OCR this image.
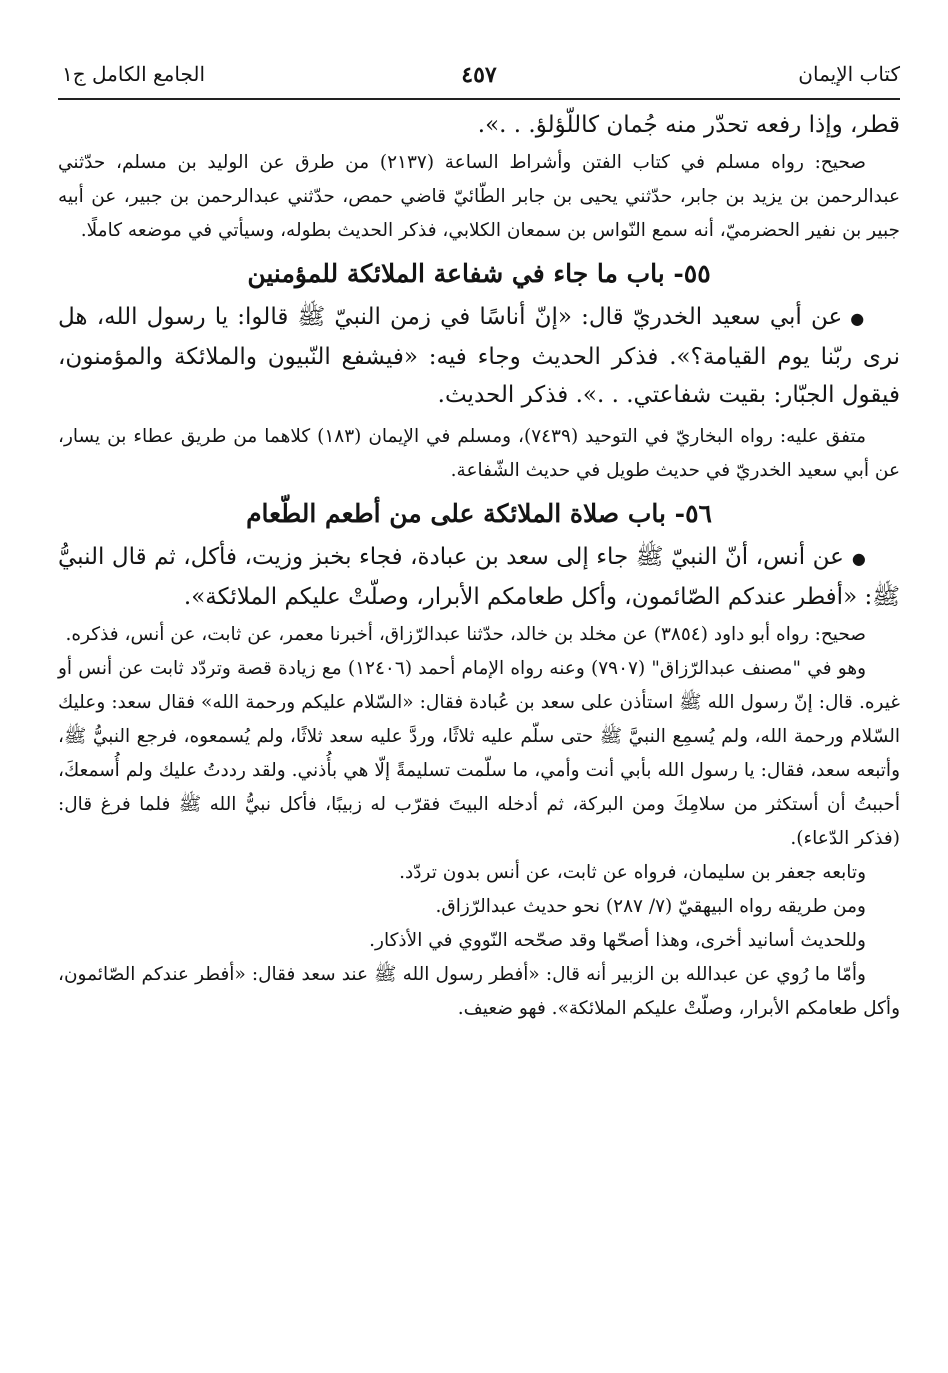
كتاب الإيمان
٤٥٧
الجامع الكامل ج١

قطر، وإذا رفعه تحدّر منه جُمان كاللّؤلؤ. . .».

صحيح: رواه مسلم في كتاب الفتن وأشراط الساعة (٢١٣٧) من طرق عن الوليد بن مسلم، حدّثني عبدالرحمن بن يزيد بن جابر، حدّثني يحيى بن جابر الطّائيّ قاضي حمص، حدّثني عبدالرحمن بن جبير، عن أبيه جبير بن نفير الحضرميّ، أنه سمع النّواس بن سمعان الكلابي، فذكر الحديث بطوله، وسيأتي في موضعه كاملًا.

٥٥- باب ما جاء في شفاعة الملائكة للمؤمنين

●عن أبي سعيد الخدريّ قال: «إنّ أناسًا في زمن النبيّ ﷺ قالوا: يا رسول الله، هل نرى ربّنا يوم القيامة؟». فذكر الحديث وجاء فيه: «فيشفع النّبيون والملائكة والمؤمنون، فيقول الجبّار: بقيت شفاعتي. . .». فذكر الحديث.

متفق عليه: رواه البخاريّ في التوحيد (٧٤٣٩)، ومسلم في الإيمان (١٨٣) كلاهما من طريق عطاء بن يسار، عن أبي سعيد الخدريّ في حديث طويل في حديث الشّفاعة.

٥٦- باب صلاة الملائكة على من أطعم الطّعام

●عن أنس، أنّ النبيّ ﷺ جاء إلى سعد بن عبادة، فجاء بخبز وزيت، فأكل، ثم قال النبيُّ ﷺ: «أفطر عندكم الصّائمون، وأكل طعامكم الأبرار، وصلّتْ عليكم الملائكة».

صحيح: رواه أبو داود (٣٨٥٤) عن مخلد بن خالد، حدّثنا عبدالرّزاق، أخبرنا معمر، عن ثابت، عن أنس، فذكره.

وهو في "مصنف عبدالرّزاق" (٧٩٠٧) وعنه رواه الإمام أحمد (١٢٤٠٦) مع زيادة قصة وتردّد ثابت عن أنس أو غيره. قال: إنّ رسول الله ﷺ استأذن على سعد بن عُبادة فقال: «السّلام عليكم ورحمة الله» فقال سعد: وعليك السّلام ورحمة الله، ولم يُسمِع النبيَّ ﷺ حتى سلّم عليه ثلاثًا، وردَّ عليه سعد ثلاثًا، ولم يُسمعوه، فرجع النبيُّ ﷺ، وأتبعه سعد، فقال: يا رسول الله بأبي أنت وأمي، ما سلّمت تسليمةً إلّا هي بأُذني. ولقد رددتُ عليك ولم أُسمعكَ، أحببتُ أن أستكثر من سلامِكَ ومن البركة، ثم أدخله البيتَ فقرّب له زبيبًا، فأكل نبيُّ الله ﷺ فلما فرغ قال: (فذكر الدّعاء).

وتابعه جعفر بن سليمان، فرواه عن ثابت، عن أنس بدون تردّد.

ومن طريقه رواه البيهقيّ (٧/ ٢٨٧) نحو حديث عبدالرّزاق.

وللحديث أسانيد أخرى، وهذا أصحّها وقد صحّحه النّووي في الأذكار.

وأمّا ما رُوي عن عبدالله بن الزبير أنه قال: «أفطر رسول الله ﷺ عند سعد فقال: «أفطر عندكم الصّائمون، وأكل طعامكم الأبرار، وصلّتْ عليكم الملائكة». فهو ضعيف.
